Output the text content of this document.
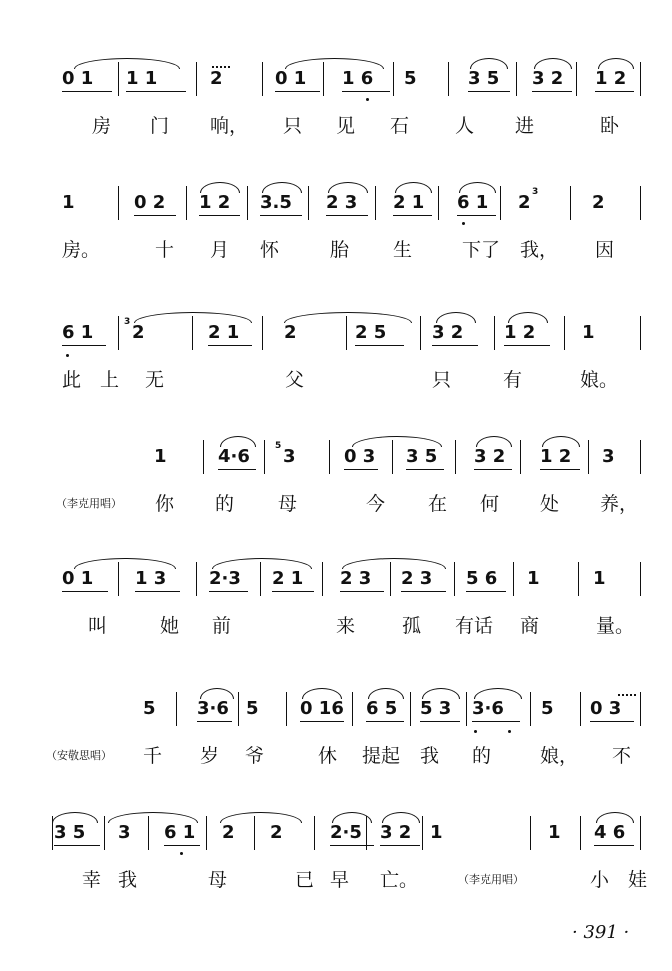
0 1 1 1	2	0 1 1 6 5	3 5 3 2 1 2
房 门 响， 只 见 石 人 进	卧
1	0 2 1 2 3.5 2 3 2 1 6 1 2	2
3
房。	十 月 怀	胎 生	下了 我， 因
6 1 2	2 1 2	2 5	3 2 1 2	1
3
此 上 无	父	只	有	娘。
1	4·6 3	0 3 3 5 3 2 1 2 3
5
（李克用唱） 你 的 母	今 在 何 处 养，
0 1 1 3 2·3 2 1 2 3 2 3 5 6 1	1
叫	她 前	来 孤 有话 商	量。
5 3·6 5 0 16 6 5 5 3 3·6 5 0 3
（安敬思唱） 千 岁 爷	休 提起 我 的	娘， 不
3 5 3 6 1 2 2	2·5 3 2 1	1 4 6
（李克用唱）
幸 我	母	已 早 亡。	小 娃
· 391 ·
